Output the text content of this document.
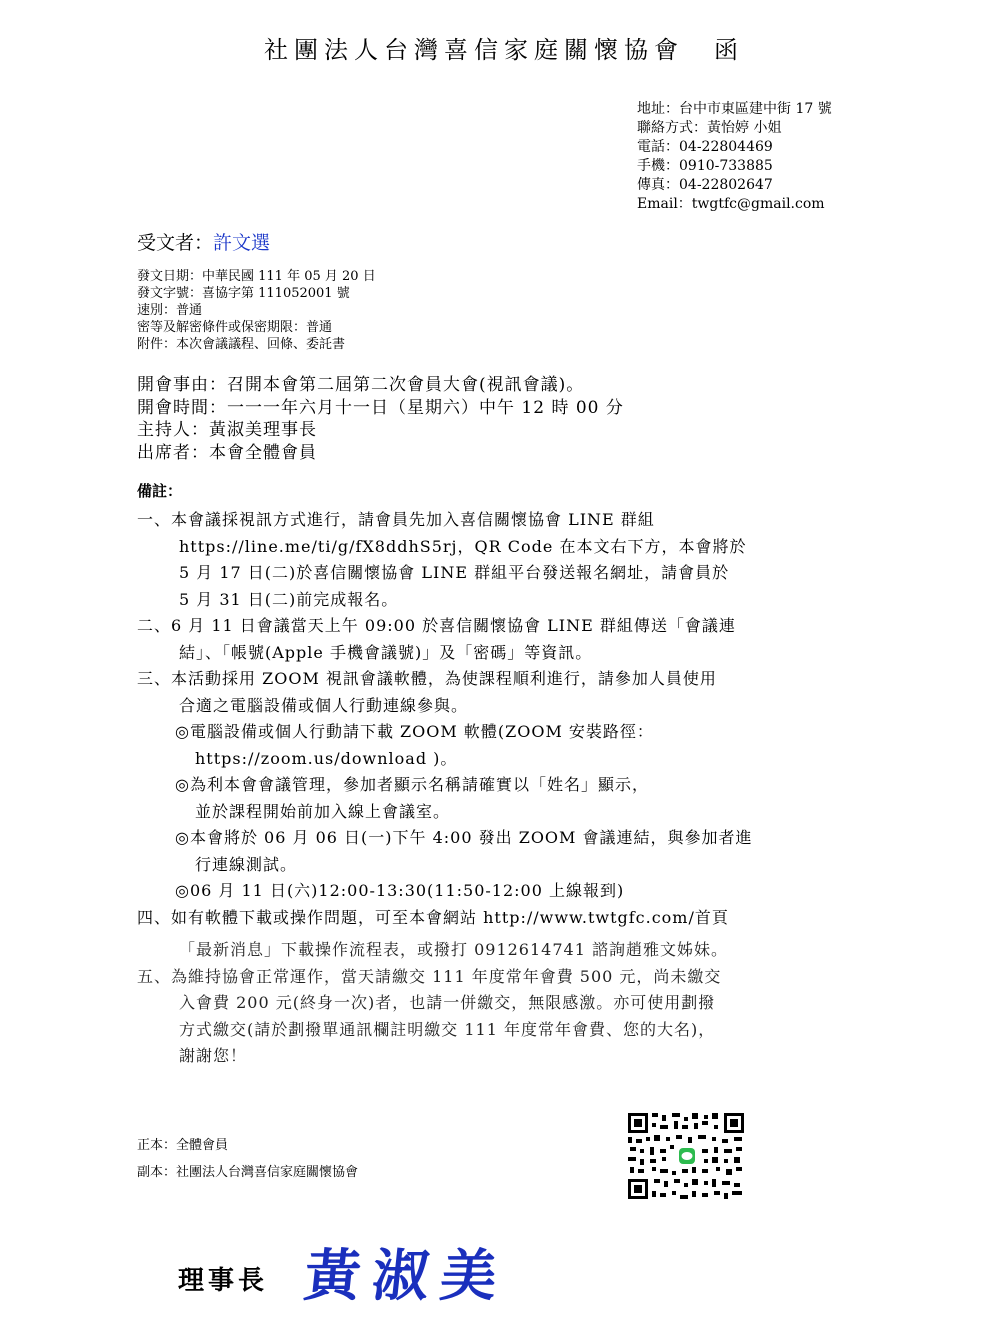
社團法人台灣喜信家庭關懷協會　函
地址：台中市東區建中街 17 號
聯絡方式：黃怡婷 小姐
電話：04-22804469
手機：0910-733885
傳真：04-22802647
Email：twgtfc@gmail.com
受文者：許文選
發文日期：中華民國 111 年 05 月 20 日
發文字號：喜協字第 111052001 號
速別：普通
密等及解密條件或保密期限：普通
附件：本次會議議程、回條、委託書
開會事由：召開本會第二屆第二次會員大會(視訊會議)。
開會時間：一一一年六月十一日（星期六）中午 12 時 00 分
主持人：黃淑美理事長
出席者：本會全體會員
備註：
一、本會議採視訊方式進行，請會員先加入喜信關懷協會 LINE 群組
https://line.me/ti/g/fX8ddhS5rj，QR Code 在本文右下方，本會將於
5 月 17 日(二)於喜信關懷協會 LINE 群組平台發送報名網址，請會員於
5 月 31 日(二)前完成報名。
二、6 月 11 日會議當天上午 09:00 於喜信關懷協會 LINE 群組傳送「會議連
結」、「帳號(Apple 手機會議號)」及「密碼」等資訊。
三、本活動採用 ZOOM 視訊會議軟體，為使課程順利進行，請參加人員使用
合適之電腦設備或個人行動連線參與。
◎電腦設備或個人行動請下載 ZOOM 軟體(ZOOM 安裝路徑：
https://zoom.us/download )。
◎為利本會會議管理，參加者顯示名稱請確實以「姓名」顯示，
並於課程開始前加入線上會議室。
◎本會將於 06 月 06 日(一)下午 4:00 發出 ZOOM 會議連結，與參加者進
行連線測試。
◎06 月 11 日(六)12:00-13:30(11:50-12:00 上線報到)
四、如有軟體下載或操作問題，可至本會網站 http://www.twtgfc.com/首頁
「最新消息」下載操作流程表，或撥打 0912614741 諮詢趙雅文姊妹。
五、為維持協會正常運作，當天請繳交 111 年度常年會費 500 元，尚未繳交
入會費 200 元(終身一次)者，也請一併繳交，無限感激。亦可使用劃撥
方式繳交(請於劃撥單通訊欄註明繳交 111 年度常年會費、您的大名)，
謝謝您！
正本：全體會員
副本：社團法人台灣喜信家庭關懷協會
理事長 黃淑美
